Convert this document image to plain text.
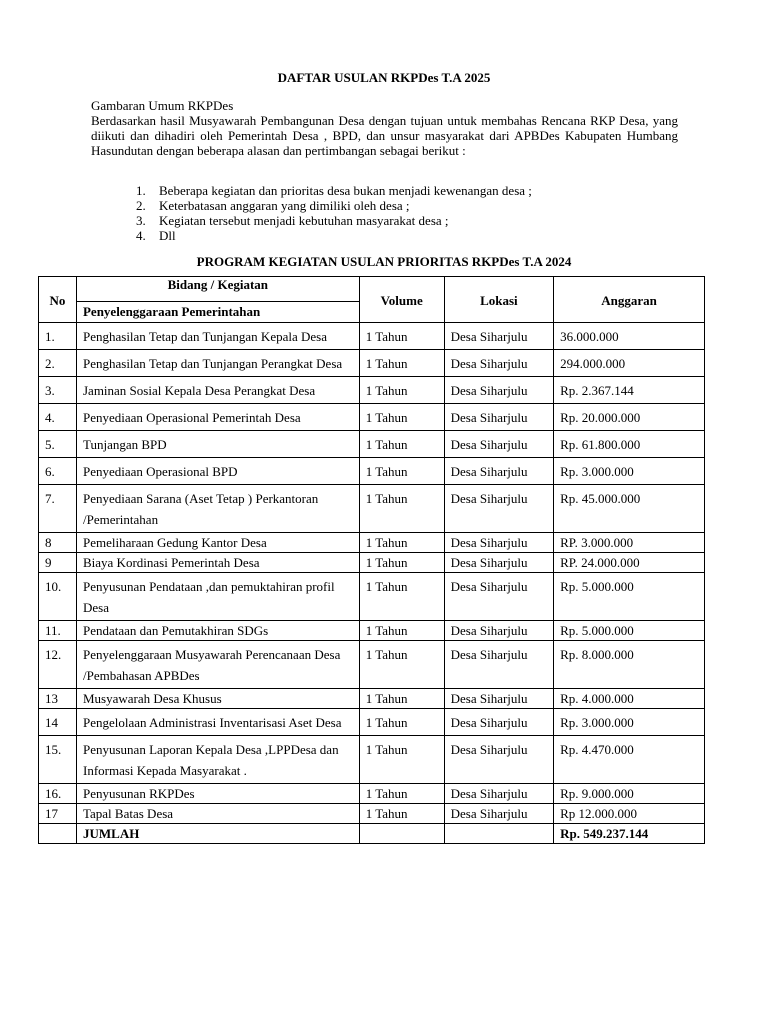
DAFTAR USULAN RKPDes T.A 2025
Gambaran Umum RKPDes
Berdasarkan hasil Musyawarah Pembangunan Desa dengan tujuan untuk membahas Rencana RKP Desa, yang diikuti dan dihadiri oleh Pemerintah Desa , BPD, dan unsur masyarakat dari APBDes Kabupaten Humbang Hasundutan dengan beberapa alasan dan pertimbangan sebagai berikut :
1. Beberapa kegiatan dan prioritas desa bukan menjadi kewenangan desa ;
2. Keterbatasan anggaran yang dimiliki oleh desa ;
3. Kegiatan tersebut menjadi kebutuhan masyarakat desa ;
4. Dll
PROGRAM KEGIATAN USULAN PRIORITAS RKPDes T.A 2024
No	Bidang / Kegiatan	Volume	Lokasi	Anggaran
	Penyelenggaraan Pemerintahan			
1.	Penghasilan Tetap dan Tunjangan Kepala Desa	1 Tahun	Desa Siharjulu	36.000.000
2.	Penghasilan Tetap dan Tunjangan Perangkat Desa	1 Tahun	Desa Siharjulu	294.000.000
3.	Jaminan Sosial Kepala Desa Perangkat Desa	1 Tahun	Desa Siharjulu	Rp. 2.367.144
4.	Penyediaan Operasional Pemerintah Desa	1 Tahun	Desa Siharjulu	Rp. 20.000.000
5.	Tunjangan BPD	1 Tahun	Desa Siharjulu	Rp. 61.800.000
6.	Penyediaan Operasional BPD	1 Tahun	Desa Siharjulu	Rp. 3.000.000
7.	Penyediaan Sarana (Aset Tetap ) Perkantoran /Pemerintahan	1 Tahun	Desa Siharjulu	Rp. 45.000.000
8	Pemeliharaan Gedung Kantor Desa	1 Tahun	Desa Siharjulu	RP. 3.000.000
9	Biaya Kordinasi Pemerintah Desa	1 Tahun	Desa Siharjulu	RP. 24.000.000
10.	Penyusunan Pendataan ,dan pemuktahiran profil Desa	1 Tahun	Desa Siharjulu	Rp. 5.000.000
11.	Pendataan dan Pemutakhiran SDGs	1 Tahun	Desa Siharjulu	Rp. 5.000.000
12.	Penyelenggaraan Musyawarah Perencanaan Desa /Pembahasan APBDes	1 Tahun	Desa Siharjulu	Rp. 8.000.000
13	Musyawarah Desa Khusus	1 Tahun	Desa Siharjulu	Rp. 4.000.000
14	Pengelolaan Administrasi Inventarisasi Aset Desa	1 Tahun	Desa Siharjulu	Rp. 3.000.000
15.	Penyusunan Laporan Kepala Desa ,LPPDesa dan Informasi Kepada Masyarakat .	1 Tahun	Desa Siharjulu	Rp. 4.470.000
16.	Penyusunan RKPDes	1 Tahun	Desa Siharjulu	Rp. 9.000.000
17	Tapal Batas Desa	1 Tahun	Desa Siharjulu	Rp 12.000.000
	JUMLAH			Rp. 549.237.144
